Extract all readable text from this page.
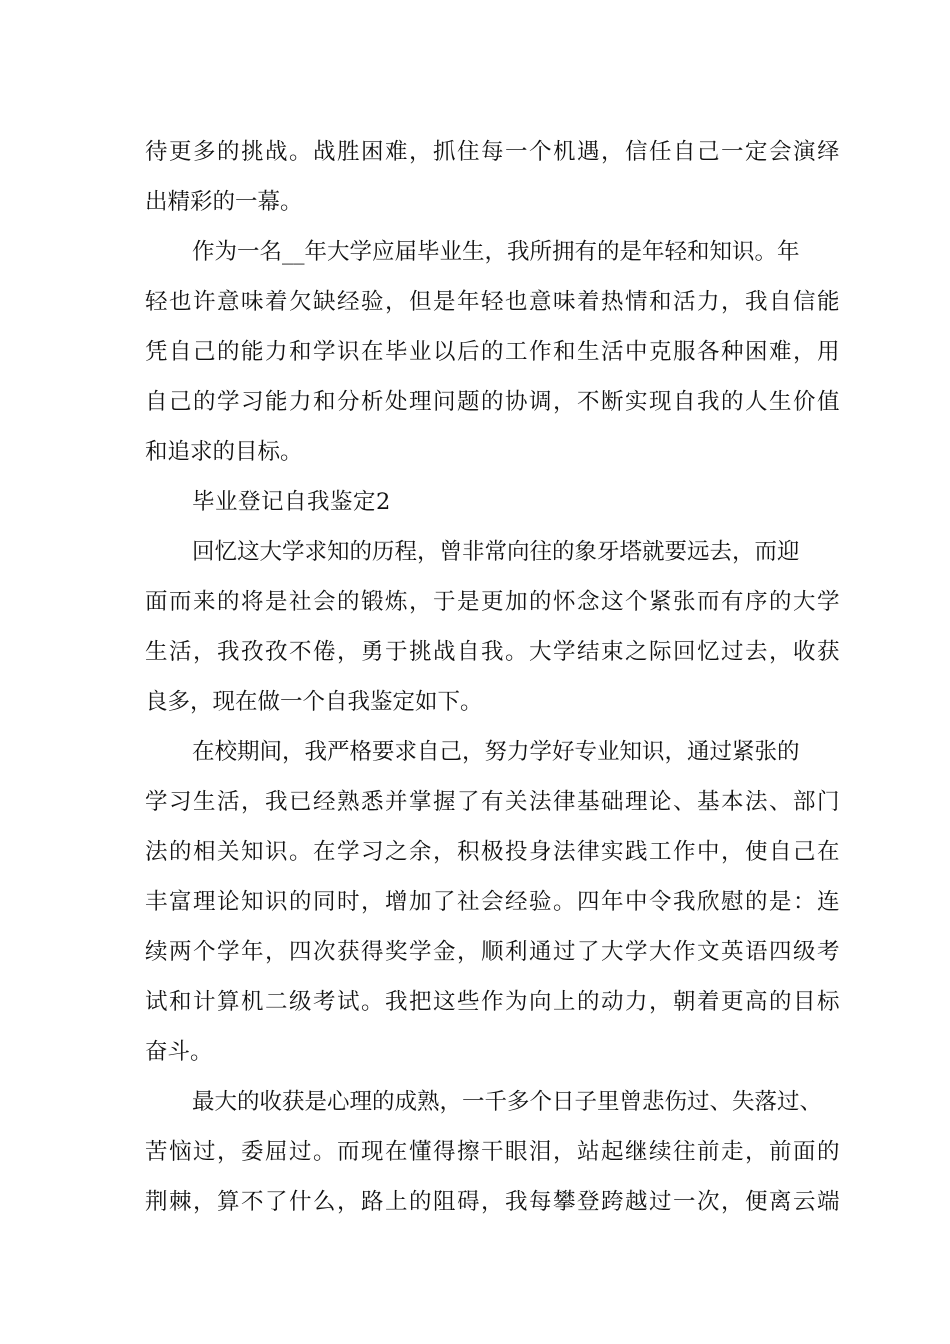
待更多的挑战。战胜困难，抓住每一个机遇，信任自己一定会演绎
出精彩的一幕。
作为一名__年大学应届毕业生，我所拥有的是年轻和知识。年
轻也许意味着欠缺经验，但是年轻也意味着热情和活力，我自信能
凭自己的能力和学识在毕业以后的工作和生活中克服各种困难，用
自己的学习能力和分析处理问题的协调，不断实现自我的人生价值
和追求的目标。
毕业登记自我鉴定2
回忆这大学求知的历程，曾非常向往的象牙塔就要远去，而迎
面而来的将是社会的锻炼，于是更加的怀念这个紧张而有序的大学
生活，我孜孜不倦，勇于挑战自我。大学结束之际回忆过去，收获
良多，现在做一个自我鉴定如下。
在校期间，我严格要求自己，努力学好专业知识，通过紧张的
学习生活，我已经熟悉并掌握了有关法律基础理论、基本法、部门
法的相关知识。在学习之余，积极投身法律实践工作中，使自己在
丰富理论知识的同时，增加了社会经验。四年中令我欣慰的是：连
续两个学年，四次获得奖学金，顺利通过了大学大作文英语四级考
试和计算机二级考试。我把这些作为向上的动力，朝着更高的目标
奋斗。
最大的收获是心理的成熟，一千多个日子里曾悲伤过、失落过、
苦恼过，委屈过。而现在懂得擦干眼泪，站起继续往前走，前面的
荆棘，算不了什么，路上的阻碍，我每攀登跨越过一次，便离云端
